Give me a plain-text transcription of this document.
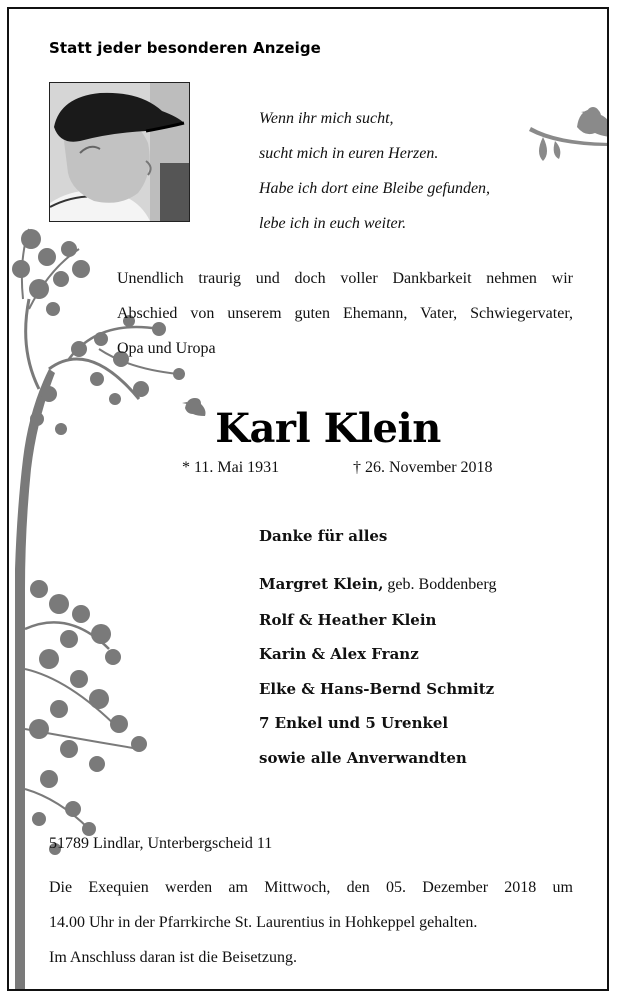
Statt jeder besonderen Anzeige
Wenn ihr mich sucht,
sucht mich in euren Herzen.
Habe ich dort eine Bleibe gefunden,
lebe ich in euch weiter.
Unendlich traurig und doch voller Dankbarkeit nehmen wir
Abschied von unserem guten Ehemann, Vater, Schwiegervater,
Opa und Uropa
Karl Klein
* 11. Mai 1931	† 26. November 2018
Danke für alles
Margret Klein, geb. Boddenberg
Rolf & Heather Klein
Karin & Alex Franz
Elke & Hans-Bernd Schmitz
7 Enkel und 5 Urenkel
sowie alle Anverwandten
51789 Lindlar, Unterbergscheid 11
Die Exequien werden am Mittwoch, den 05. Dezember 2018 um
14.00 Uhr in der Pfarrkirche St. Laurentius in Hohkeppel gehalten.
Im Anschluss daran ist die Beisetzung.
